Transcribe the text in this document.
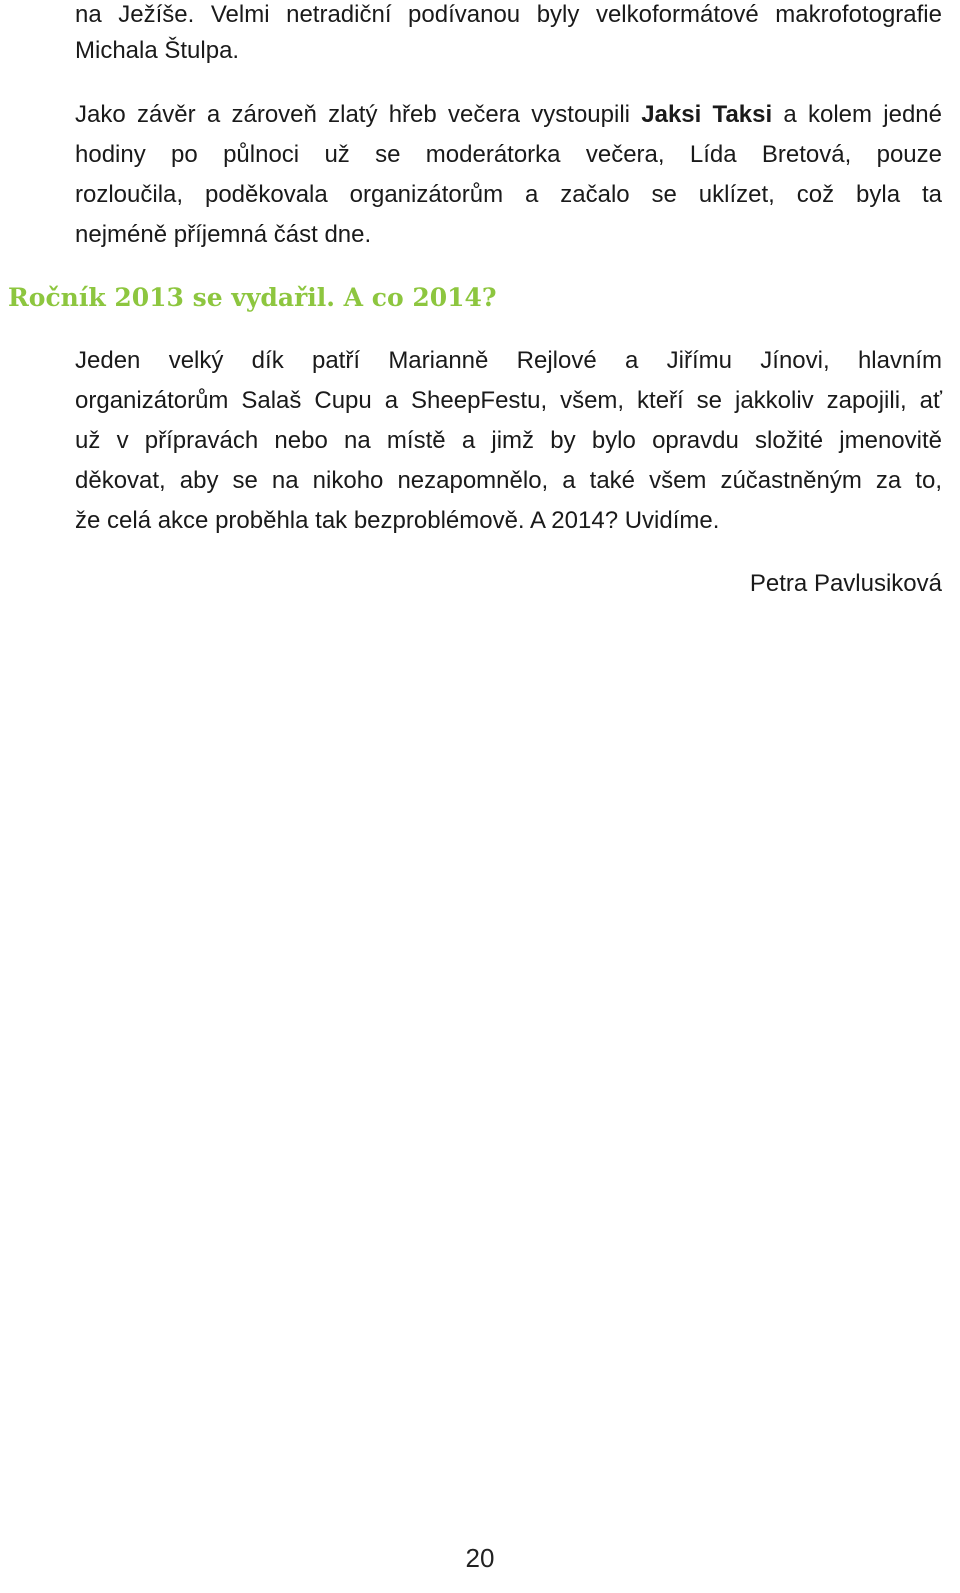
na Ježíše. Velmi netradiční podívanou byly velkoformátové makrofotografie
Michala Štulpa.
Jako závěr a zároveň zlatý hřeb večera vystoupili Jaksi Taksi a kolem jedné
hodiny po půlnoci už se moderátorka večera, Lída Bretová, pouze
rozloučila, poděkovala organizátorům a začalo se uklízet, což byla ta
nejméně příjemná část dne.
Ročník 2013 se vydařil. A co 2014?
Jeden velký dík patří Marianně Rejlové a Jiřímu Jínovi, hlavním
organizátorům Salaš Cupu a SheepFestu, všem, kteří se jakkoliv zapojili, ať
už v přípravách nebo na místě a jimž by bylo opravdu složité jmenovitě
děkovat, aby se na nikoho nezapomnělo, a také všem zúčastněným za to,
že celá akce proběhla tak bezproblémově. A 2014? Uvidíme.
Petra Pavlusiková
20
